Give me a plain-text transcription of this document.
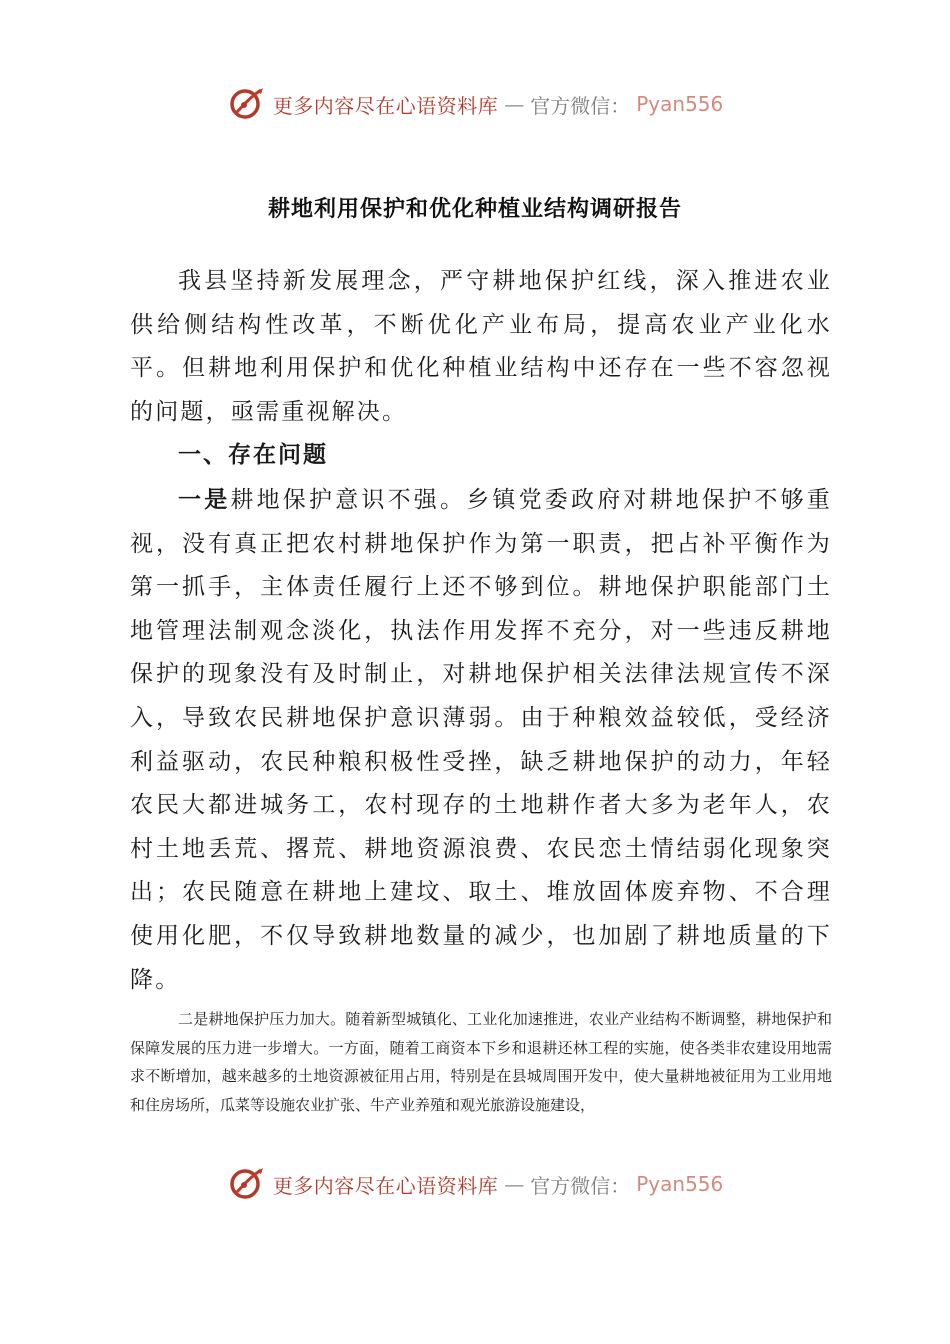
更多内容尽在心语资料库 — 官方微信： Pyan556
耕地利用保护和优化种植业结构调研报告

我县坚持新发展理念，严守耕地保护红线，深入推进农业供给侧结构性改革，不断优化产业布局，提高农业产业化水平。但耕地利用保护和优化种植业结构中还存在一些不容忽视的问题，亟需重视解决。

一、存在问题

一是耕地保护意识不强。乡镇党委政府对耕地保护不够重视，没有真正把农村耕地保护作为第一职责，把占补平衡作为第一抓手，主体责任履行上还不够到位。耕地保护职能部门土地管理法制观念淡化，执法作用发挥不充分，对一些违反耕地保护的现象没有及时制止，对耕地保护相关法律法规宣传不深入，导致农民耕地保护意识薄弱。由于种粮效益较低，受经济利益驱动，农民种粮积极性受挫，缺乏耕地保护的动力，年轻农民大都进城务工，农村现存的土地耕作者大多为老年人，农村土地丢荒、撂荒、耕地资源浪费、农民恋土情结弱化现象突出；农民随意在耕地上建坟、取土、堆放固体废弃物、不合理使用化肥，不仅导致耕地数量的减少，也加剧了耕地质量的下降。

二是耕地保护压力加大。随着新型城镇化、工业化加速推进，农业产业结构不断调整，耕地保护和保障发展的压力进一步增大。一方面，随着工商资本下乡和退耕还林工程的实施，使各类非农建设用地需求不断增加，越来越多的土地资源被征用占用，特别是在县城周围开发中，使大量耕地被征用为工业用地和住房场所，瓜菜等设施农业扩张、牛产业养殖和观光旅游设施建设，

更多内容尽在心语资料库 — 官方微信： Pyan556
